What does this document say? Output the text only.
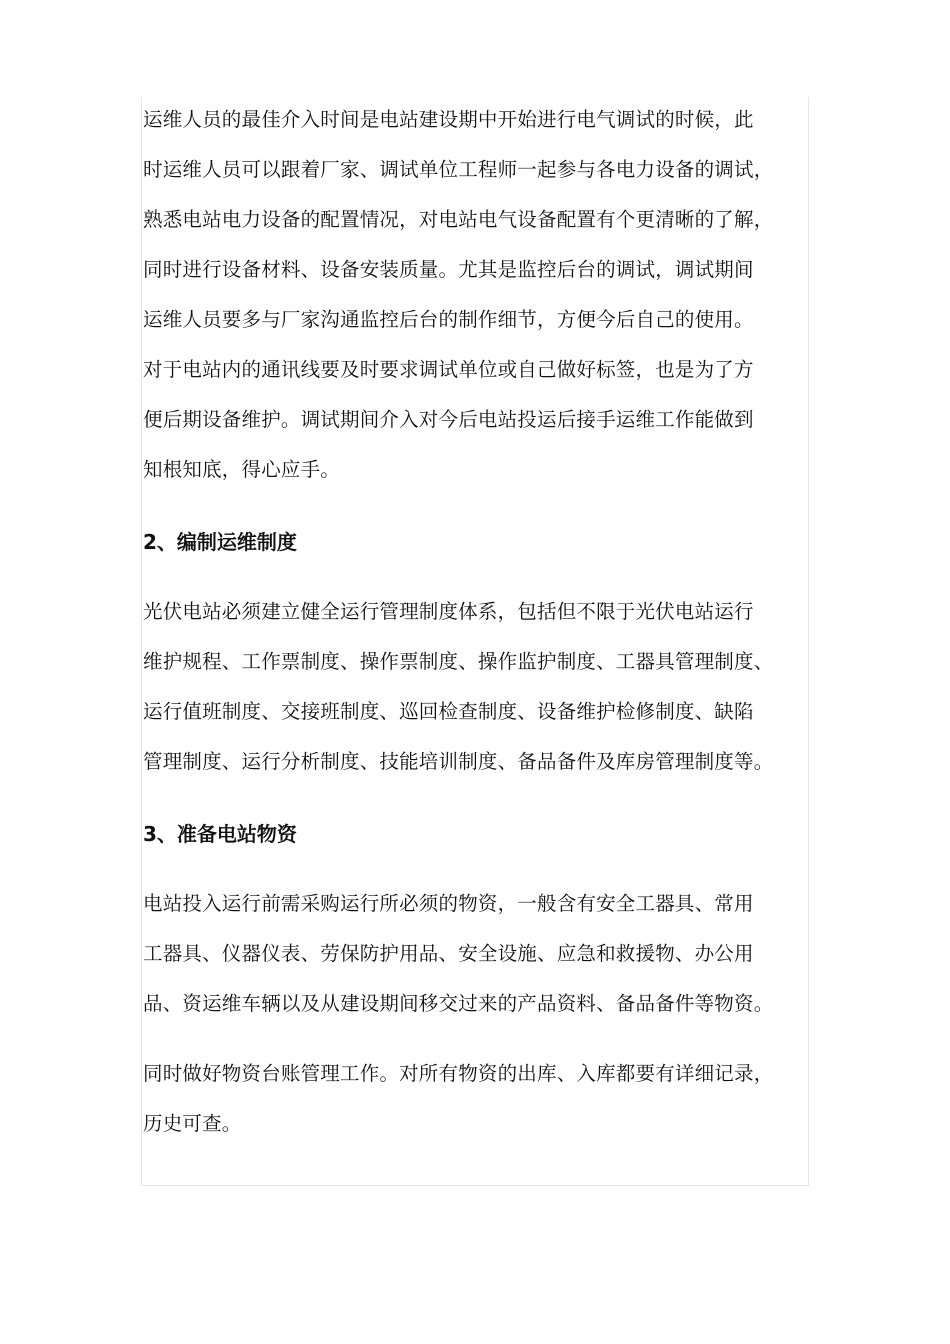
运维人员的最佳介入时间是电站建设期中开始进行电气调试的时候，此
时运维人员可以跟着厂家、调试单位工程师一起参与各电力设备的调试，
熟悉电站电力设备的配置情况，对电站电气设备配置有个更清晰的了解，
同时进行设备材料、设备安装质量。尤其是监控后台的调试，调试期间
运维人员要多与厂家沟通监控后台的制作细节，方便今后自己的使用。
对于电站内的通讯线要及时要求调试单位或自己做好标签，也是为了方
便后期设备维护。调试期间介入对今后电站投运后接手运维工作能做到
知根知底，得心应手。

2、编制运维制度

光伏电站必须建立健全运行管理制度体系，包括但不限于光伏电站运行
维护规程、工作票制度、操作票制度、操作监护制度、工器具管理制度、
运行值班制度、交接班制度、巡回检查制度、设备维护检修制度、缺陷
管理制度、运行分析制度、技能培训制度、备品备件及库房管理制度等。

3、准备电站物资

电站投入运行前需采购运行所必须的物资，一般含有安全工器具、常用
工器具、仪器仪表、劳保防护用品、安全设施、应急和救援物、办公用
品、资运维车辆以及从建设期间移交过来的产品资料、备品备件等物资。

同时做好物资台账管理工作。对所有物资的出库、入库都要有详细记录，
历史可查。
